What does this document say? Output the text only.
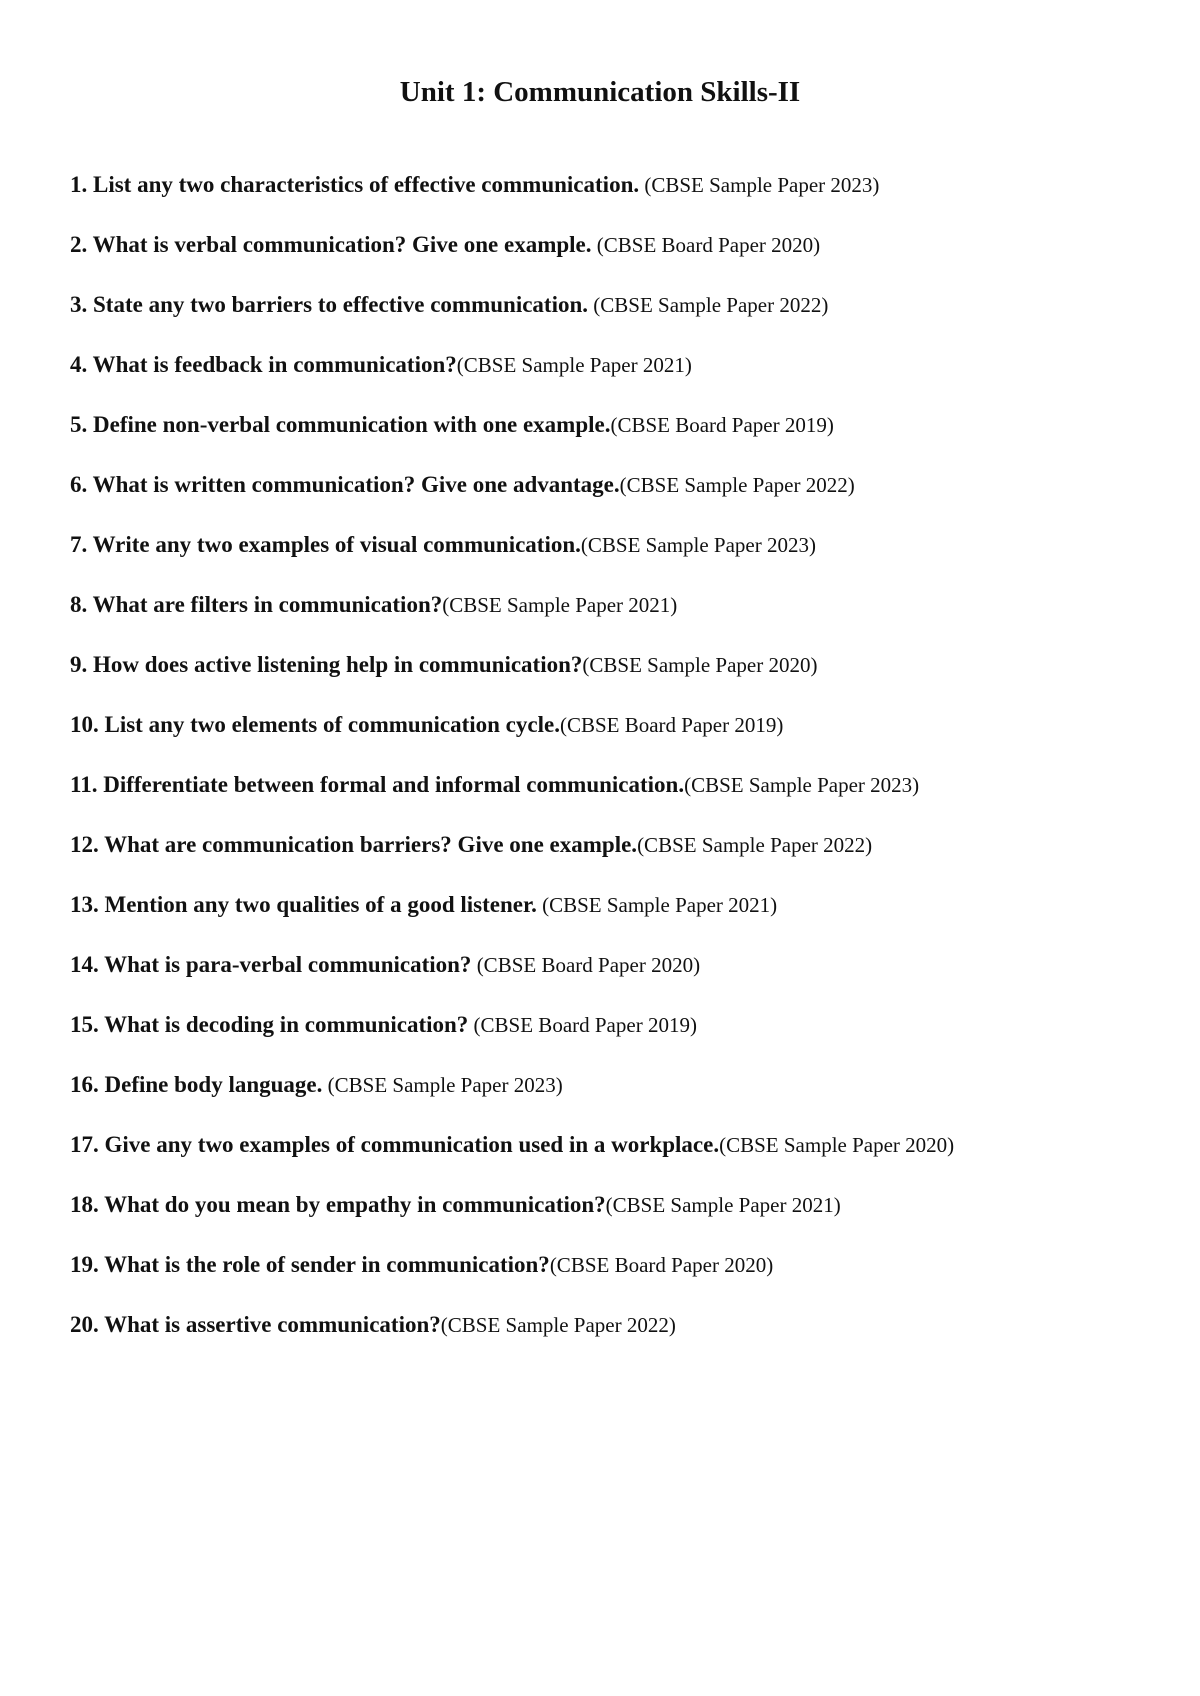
Unit 1: Communication Skills-II
1. List any two characteristics of effective communication. (CBSE Sample Paper 2023)
2. What is verbal communication? Give one example. (CBSE Board Paper 2020)
3. State any two barriers to effective communication. (CBSE Sample Paper 2022)
4. What is feedback in communication?(CBSE Sample Paper 2021)
5. Define non-verbal communication with one example.(CBSE Board Paper 2019)
6. What is written communication? Give one advantage.(CBSE Sample Paper 2022)
7. Write any two examples of visual communication.(CBSE Sample Paper 2023)
8. What are filters in communication?(CBSE Sample Paper 2021)
9. How does active listening help in communication?(CBSE Sample Paper 2020)
10. List any two elements of communication cycle.(CBSE Board Paper 2019)
11. Differentiate between formal and informal communication.(CBSE Sample Paper 2023)
12. What are communication barriers? Give one example.(CBSE Sample Paper 2022)
13. Mention any two qualities of a good listener. (CBSE Sample Paper 2021)
14. What is para-verbal communication? (CBSE Board Paper 2020)
15. What is decoding in communication? (CBSE Board Paper 2019)
16. Define body language. (CBSE Sample Paper 2023)
17. Give any two examples of communication used in a workplace.(CBSE Sample Paper 2020)
18. What do you mean by empathy in communication?(CBSE Sample Paper 2021)
19. What is the role of sender in communication?(CBSE Board Paper 2020)
20. What is assertive communication?(CBSE Sample Paper 2022)
